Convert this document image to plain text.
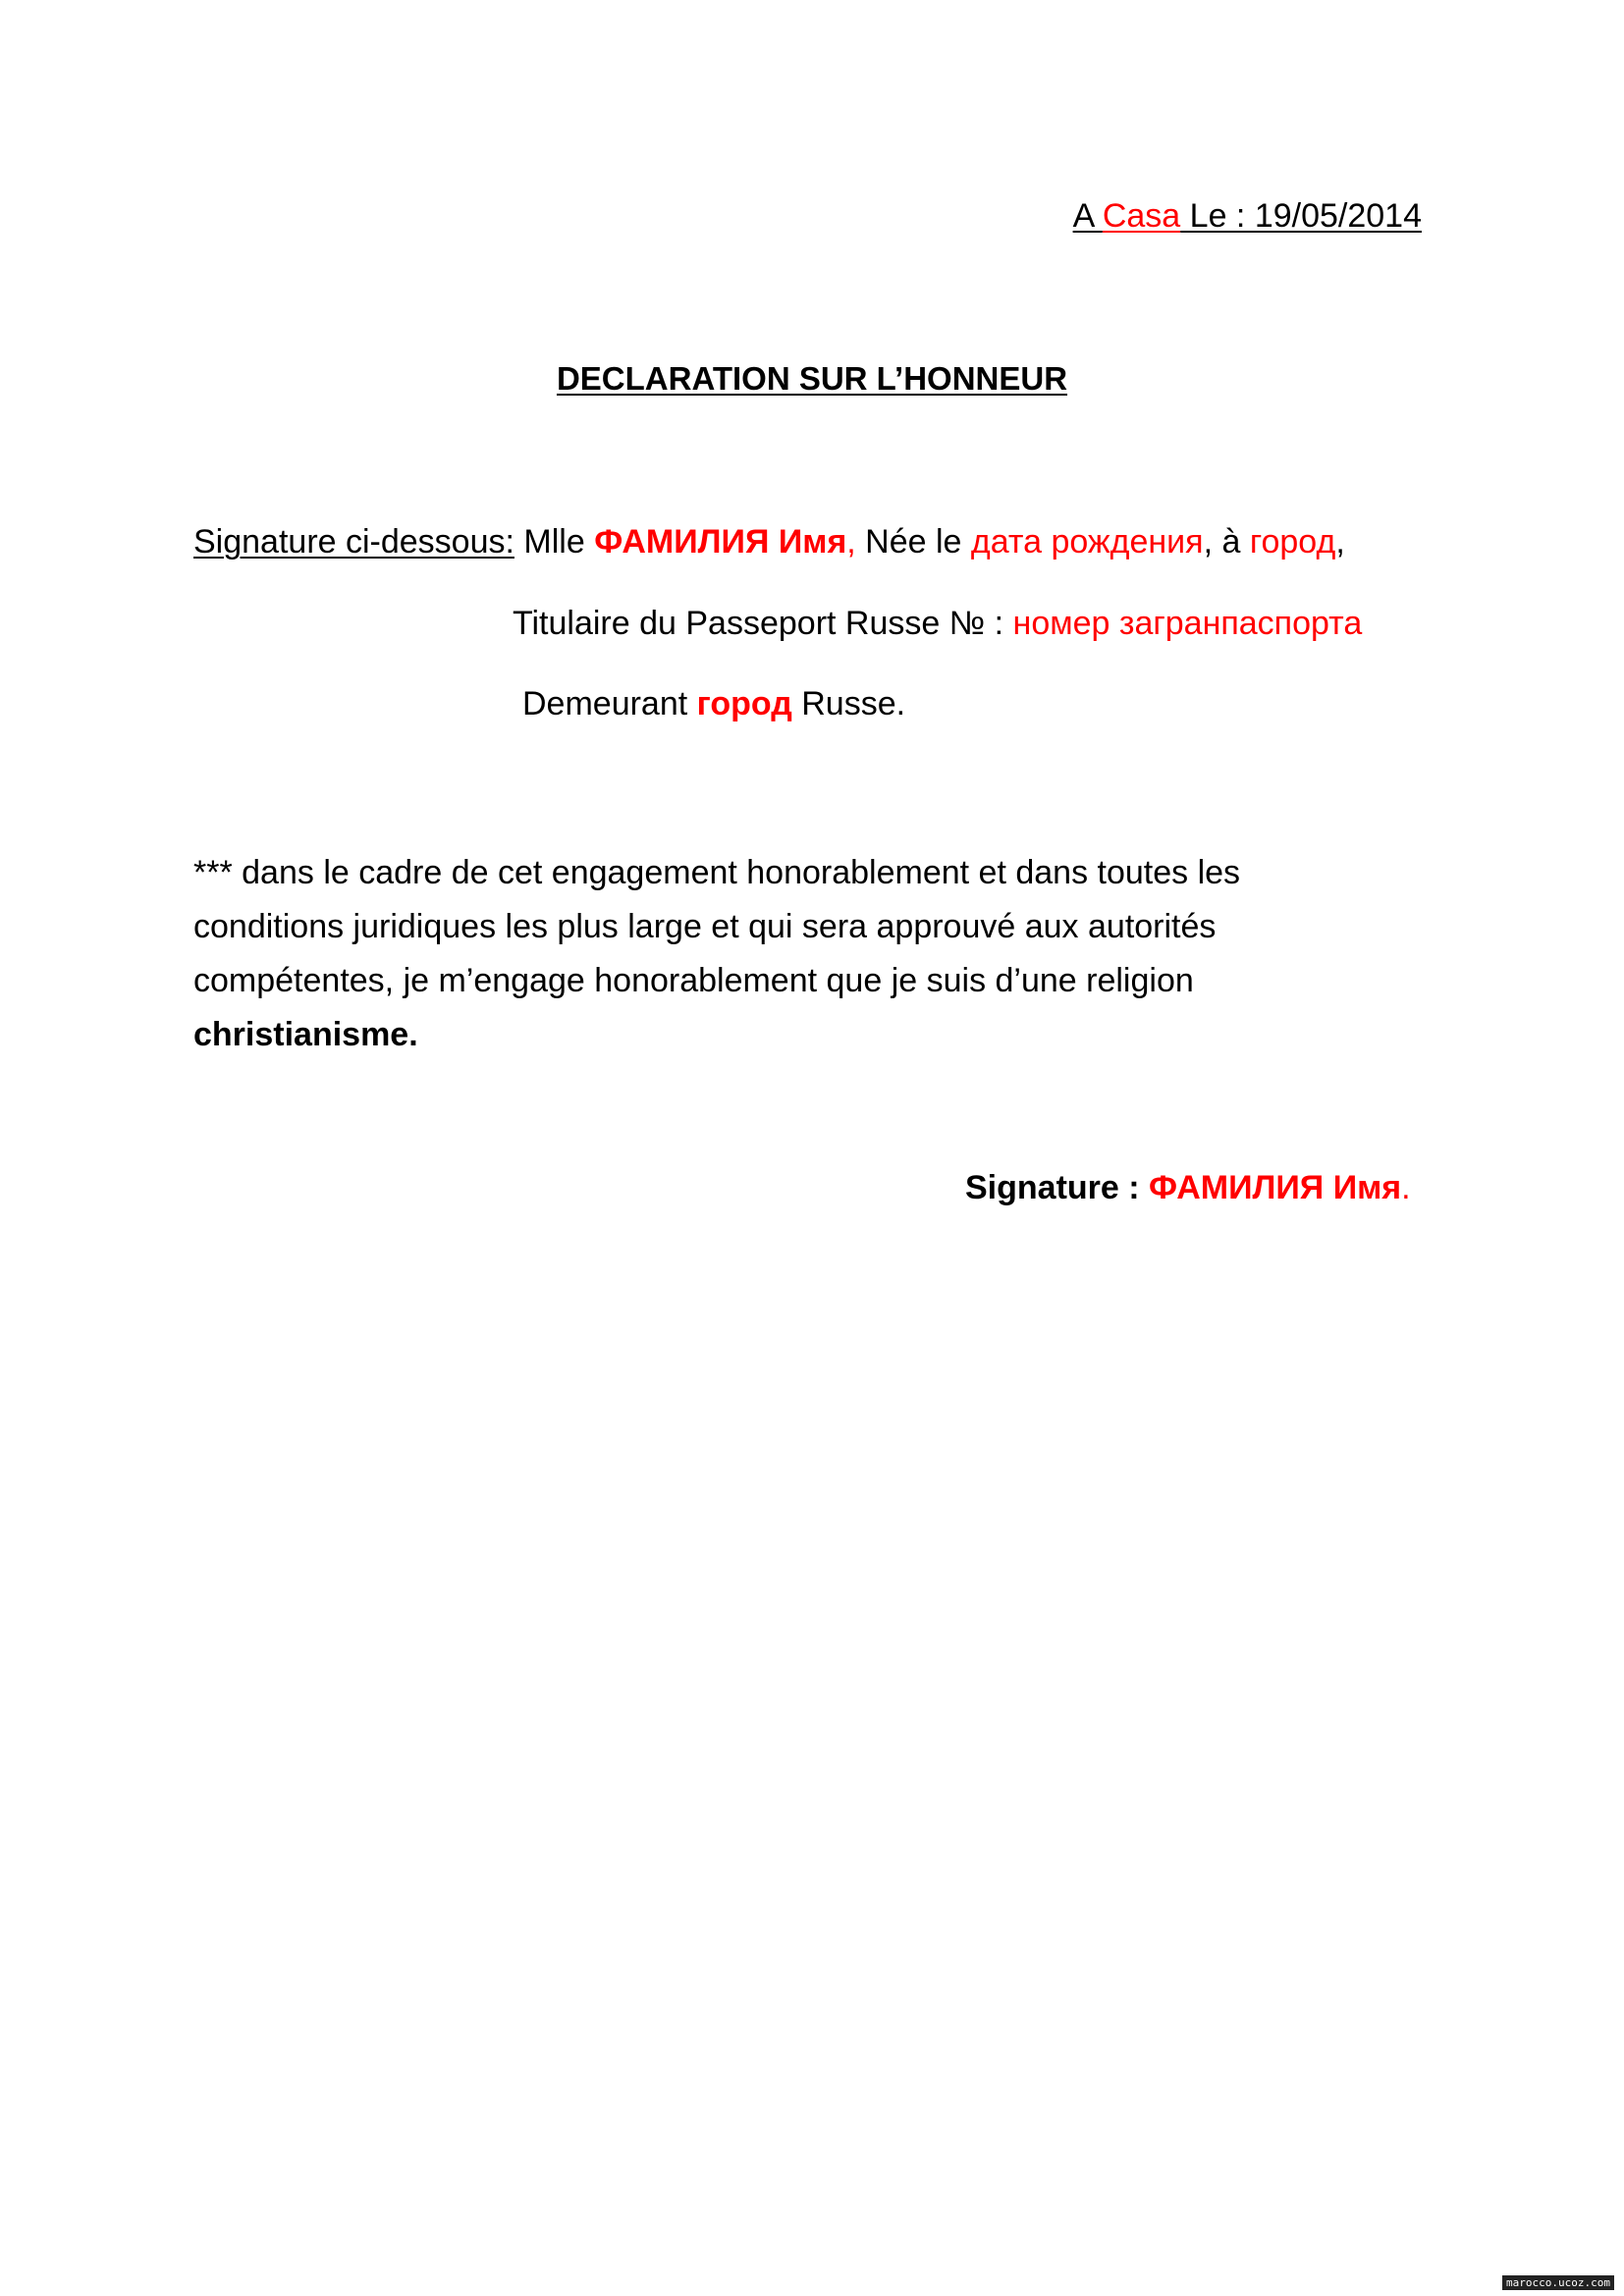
A Casa Le : 19/05/2014
DECLARATION SUR L’HONNEUR
Signature ci-dessous: Mlle ФАМИЛИЯ Имя, Née le дата рождения, à город,
Titulaire du Passeport Russe № : номер загранпаспорта
Demeurant город Russe.
*** dans le cadre de cet engagement honorablement et dans toutes les
conditions juridiques les plus large et qui sera approuvé aux autorités
compétentes, je m’engage honorablement que je suis d’une religion
christianisme.
Signature : ФАМИЛИЯ Имя.
marocco.ucoz.com
